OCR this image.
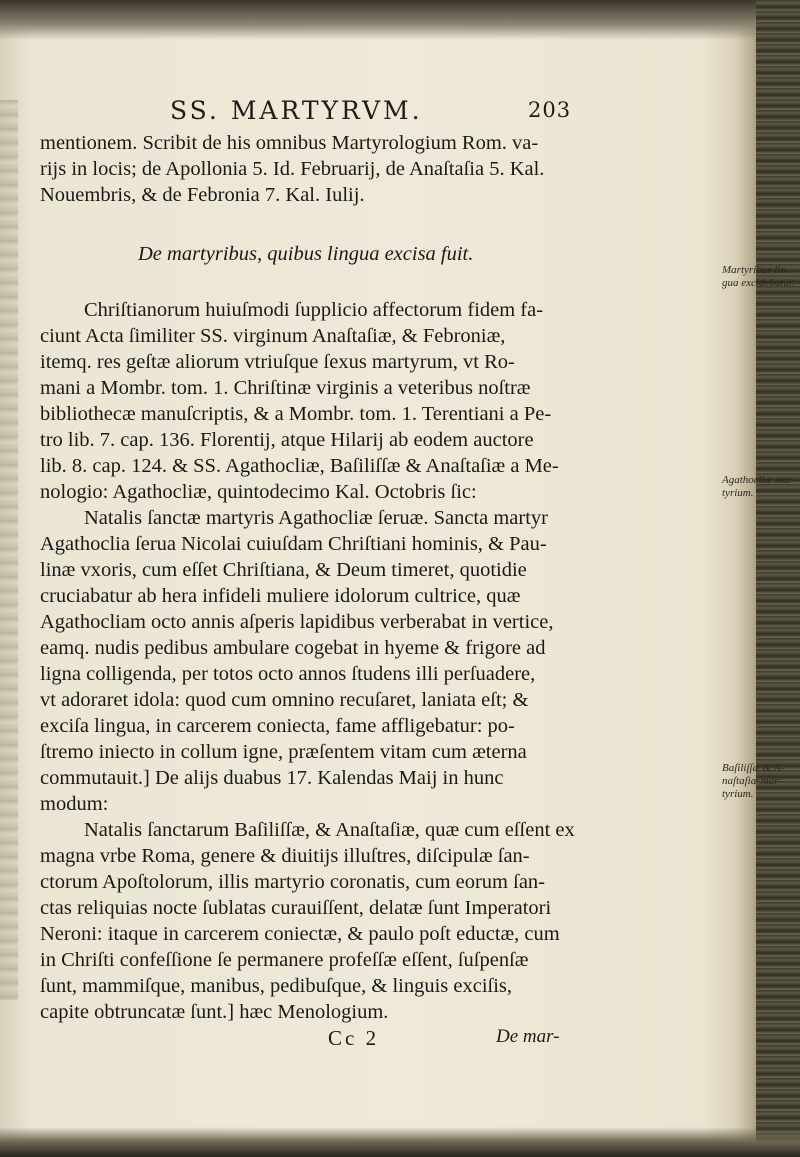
SS. MARTYRVM.	203
mentionem. Scribit de his omnibus Martyrologium Rom. va-
rijs in locis; de Apollonia 5. Id. Februarij, de Anaſtaſia 5. Kal.
Nouembris, & de Febronia 7. Kal. Iulij.
De martyribus, quibus lingua excisa fuit.
Chriſtianorum huiuſmodi ſupplicio affectorum fidem fa-
ciunt Acta ſimiliter SS. virginum Anaſtaſiæ, & Febroniæ,
itemq. res geſtæ aliorum vtriuſque ſexus martyrum, vt Ro-
mani a Mombr. tom. 1. Chriſtinæ virginis a veteribus noſtræ
bibliothecæ manuſcriptis, & a Mombr. tom. 1. Terentiani a Pe-
tro lib. 7. cap. 136. Florentij, atque Hilarij ab eodem auctore
lib. 8. cap. 124. & SS. Agathocliæ, Baſiliſſæ & Anaſtaſiæ a Me-
nologio: Agathocliæ, quintodecimo Kal. Octobris ſic:
Natalis ſanctæ martyris Agathocliæ ſeruæ. Sancta martyr
Agathoclia ſerua Nicolai cuiuſdam Chriſtiani hominis, & Pau-
linæ vxoris, cum eſſet Chriſtiana, & Deum timeret, quotidie
cruciabatur ab hera infideli muliere idolorum cultrice, quæ
Agathocliam octo annis aſperis lapidibus verberabat in vertice,
eamq. nudis pedibus ambulare cogebat in hyeme & frigore ad
ligna colligenda, per totos octo annos ſtudens illi perſuadere,
vt adoraret idola: quod cum omnino recuſaret, laniata eſt; &
exciſa lingua, in carcerem coniecta, fame affligebatur: po-
ſtremo iniecto in collum igne, præſentem vitam cum æterna
commutauit.] De alijs duabus 17. Kalendas Maij in hunc
modum:
Natalis ſanctarum Baſiliſſæ, & Anaſtaſiæ, quæ cum eſſent ex
magna vrbe Roma, genere & diuitijs illuſtres, diſcipulæ ſan-
ctorum Apoſtolorum, illis martyrio coronatis, cum eorum ſan-
ctas reliquias nocte ſublatas curauiſſent, delatæ ſunt Imperatori
Neroni: itaque in carcerem coniectæ, & paulo poſt eductæ, cum
in Chriſti confeſſione ſe permanere profeſſæ eſſent, ſuſpenſæ
ſunt, mammiſque, manibus, pedibuſque, & linguis exciſis,
capite obtruncatæ ſunt.] hæc Menologium.
Martyribus lin-gua excidebatur.
Agathocliæ mar-tyrium.
Baſiliſſæ & A-naſtaſiæ mar-tyrium.
Cc 2	De mar-
